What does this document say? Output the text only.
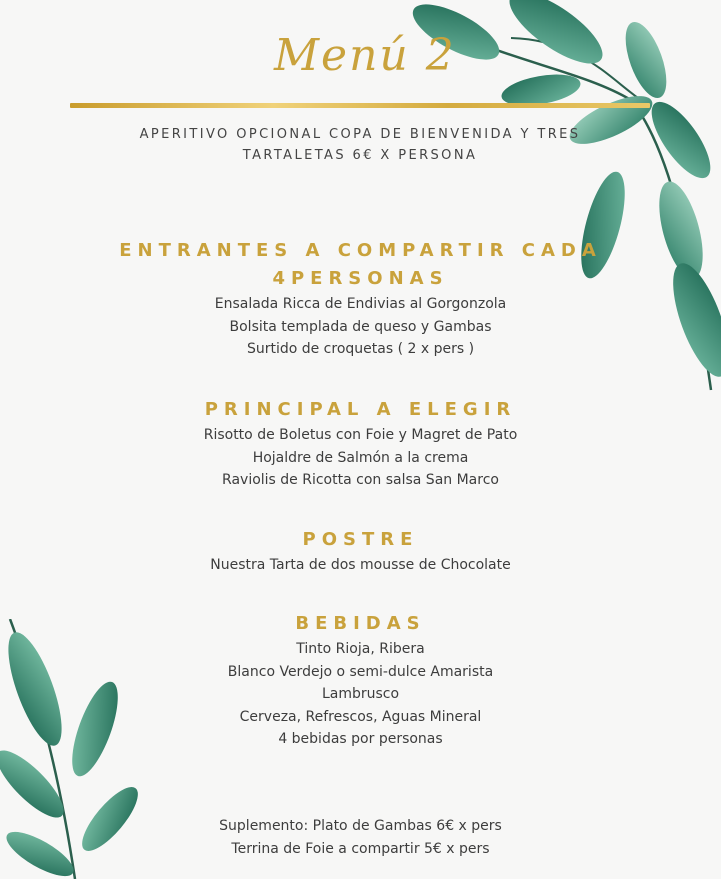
Menú 2
APERITIVO OPCIONAL COPA DE BIENVENIDA Y TRES
TARTALETAS 6€ X PERSONA
ENTRANTES A COMPARTIR CADA
4PERSONAS
Ensalada Ricca de Endivias al Gorgonzola
Bolsita templada de queso y Gambas
Surtido de croquetas ( 2 x pers )
PRINCIPAL A ELEGIR
Risotto de Boletus con Foie y Magret de Pato
Hojaldre de Salmón a la crema
Raviolis de Ricotta con salsa San Marco
POSTRE
Nuestra Tarta de dos mousse de Chocolate
BEBIDAS
Tinto Rioja, Ribera
Blanco Verdejo o semi-dulce Amarista
Lambrusco
Cerveza, Refrescos, Aguas Mineral
4 bebidas por personas
Suplemento: Plato de Gambas 6€ x pers
Terrina de Foie a compartir 5€ x pers
